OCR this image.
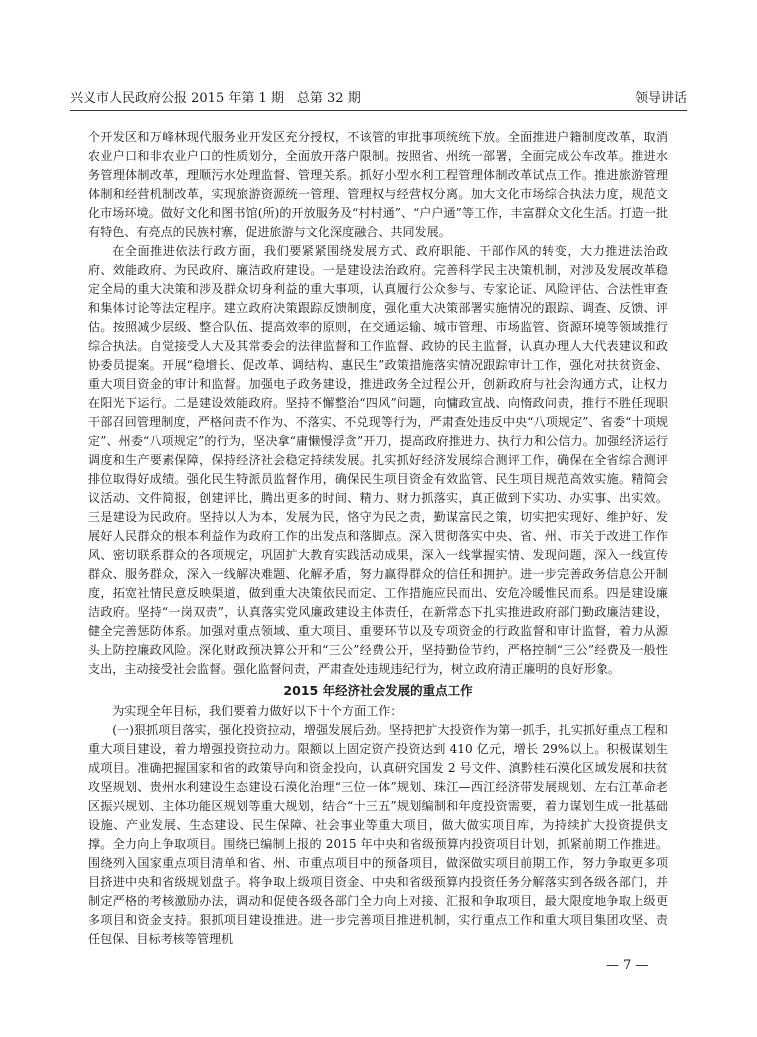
兴义市人民政府公报 2015 年第 1 期　总第 32 期	领导讲话

个开发区和万峰林现代服务业开发区充分授权，不该管的审批事项统统下放。全面推进户籍制度改革，取消农业户口和非农业户口的性质划分，全面放开落户限制。按照省、州统一部署，全面完成公车改革。推进水务管理体制改革，理顺污水处理监督、管理关系。抓好小型水利工程管理体制改革试点工作。推进旅游管理体制和经营机制改革，实现旅游资源统一管理、管理权与经营权分离。加大文化市场综合执法力度，规范文化市场环境。做好文化和图书馆(所)的开放服务及“村村通”、“户户通”等工作，丰富群众文化生活。打造一批有特色、有亮点的民族村寨，促进旅游与文化深度融合、共同发展。

在全面推进依法行政方面，我们要紧紧围绕发展方式、政府职能、干部作风的转变，大力推进法治政府、效能政府、为民政府、廉洁政府建设。一是建设法治政府。完善科学民主决策机制，对涉及发展改革稳定全局的重大决策和涉及群众切身利益的重大事项，认真履行公众参与、专家论证、风险评估、合法性审查和集体讨论等法定程序。建立政府决策跟踪反馈制度，强化重大决策部署实施情况的跟踪、调查、反馈、评估。按照减少层级、整合队伍、提高效率的原则，在交通运输、城市管理、市场监管、资源环境等领域推行综合执法。自觉接受人大及其常委会的法律监督和工作监督、政协的民主监督，认真办理人大代表建议和政协委员提案。开展“稳增长、促改革、调结构、惠民生”政策措施落实情况跟踪审计工作，强化对扶贫资金、重大项目资金的审计和监督。加强电子政务建设，推进政务全过程公开，创新政府与社会沟通方式，让权力在阳光下运行。二是建设效能政府。坚持不懈整治“四风”问题，向慵政宣战、向惰政问责，推行不胜任现职干部召回管理制度，严格问责不作为、不落实、不兑现等行为，严肃查处违反中央“八项规定”、省委“十项规定”、州委“八项规定”的行为，坚决拿“庸懒慢浮贪”开刀，提高政府推进力、执行力和公信力。加强经济运行调度和生产要素保障，保持经济社会稳定持续发展。扎实抓好经济发展综合测评工作，确保在全省综合测评排位取得好成绩。强化民生特派员监督作用，确保民生项目资金有效监管、民生项目规范高效实施。精简会议活动、文件简报，创建评比，腾出更多的时间、精力、财力抓落实，真正做到下实功、办实事、出实效。三是建设为民政府。坚持以人为本，发展为民，恪守为民之责，勤谋富民之策，切实把实现好、维护好、发展好人民群众的根本利益作为政府工作的出发点和落脚点。深入贯彻落实中央、省、州、市关于改进工作作风、密切联系群众的各项规定，巩固扩大教育实践活动成果，深入一线掌握实情、发现问题，深入一线宣传群众、服务群众，深入一线解决难题、化解矛盾，努力赢得群众的信任和拥护。进一步完善政务信息公开制度，拓宽社情民意反映渠道，做到重大决策依民而定、工作措施应民而出、安危冷暖惟民而系。四是建设廉洁政府。坚持“一岗双责”，认真落实党风廉政建设主体责任，在新常态下扎实推进政府部门勤政廉洁建设，健全完善惩防体系。加强对重点领域、重大项目、重要环节以及专项资金的行政监督和审计监督，着力从源头上防控廉政风险。深化财政预决算公开和“三公”经费公开，坚持勤俭节约，严格控制“三公”经费及一般性支出，主动接受社会监督。强化监督问责，严肃查处违规违纪行为，树立政府清正廉明的良好形象。

2015 年经济社会发展的重点工作

为实现全年目标，我们要着力做好以下十个方面工作：

(一)狠抓项目落实，强化投资拉动，增强发展后劲。坚持把扩大投资作为第一抓手，扎实抓好重点工程和重大项目建设，着力增强投资拉动力。限额以上固定资产投资达到 410 亿元，增长 29%以上。积极谋划生成项目。准确把握国家和省的政策导向和资金投向，认真研究国发 2 号文件、滇黔桂石漠化区域发展和扶贫攻坚规划、贵州水利建设生态建设石漠化治理“三位一体”规划、珠江—西江经济带发展规划、左右江革命老区振兴规划、主体功能区规划等重大规划，结合“十三五”规划编制和年度投资需要，着力谋划生成一批基础设施、产业发展、生态建设、民生保障、社会事业等重大项目，做大做实项目库，为持续扩大投资提供支撑。全力向上争取项目。围绕已编制上报的 2015 年中央和省级预算内投资项目计划，抓紧前期工作推进。围绕列入国家重点项目清单和省、州、市重点项目中的预备项目，做深做实项目前期工作，努力争取更多项目挤进中央和省级规划盘子。将争取上级项目资金、中央和省级预算内投资任务分解落实到各级各部门，并制定严格的考核激励办法，调动和促使各级各部门全力向上对接、汇报和争取项目，最大限度地争取上级更多项目和资金支持。狠抓项目建设推进。进一步完善项目推进机制，实行重点工作和重大项目集团攻坚、责任包保、目标考核等管理机

— 7 —
